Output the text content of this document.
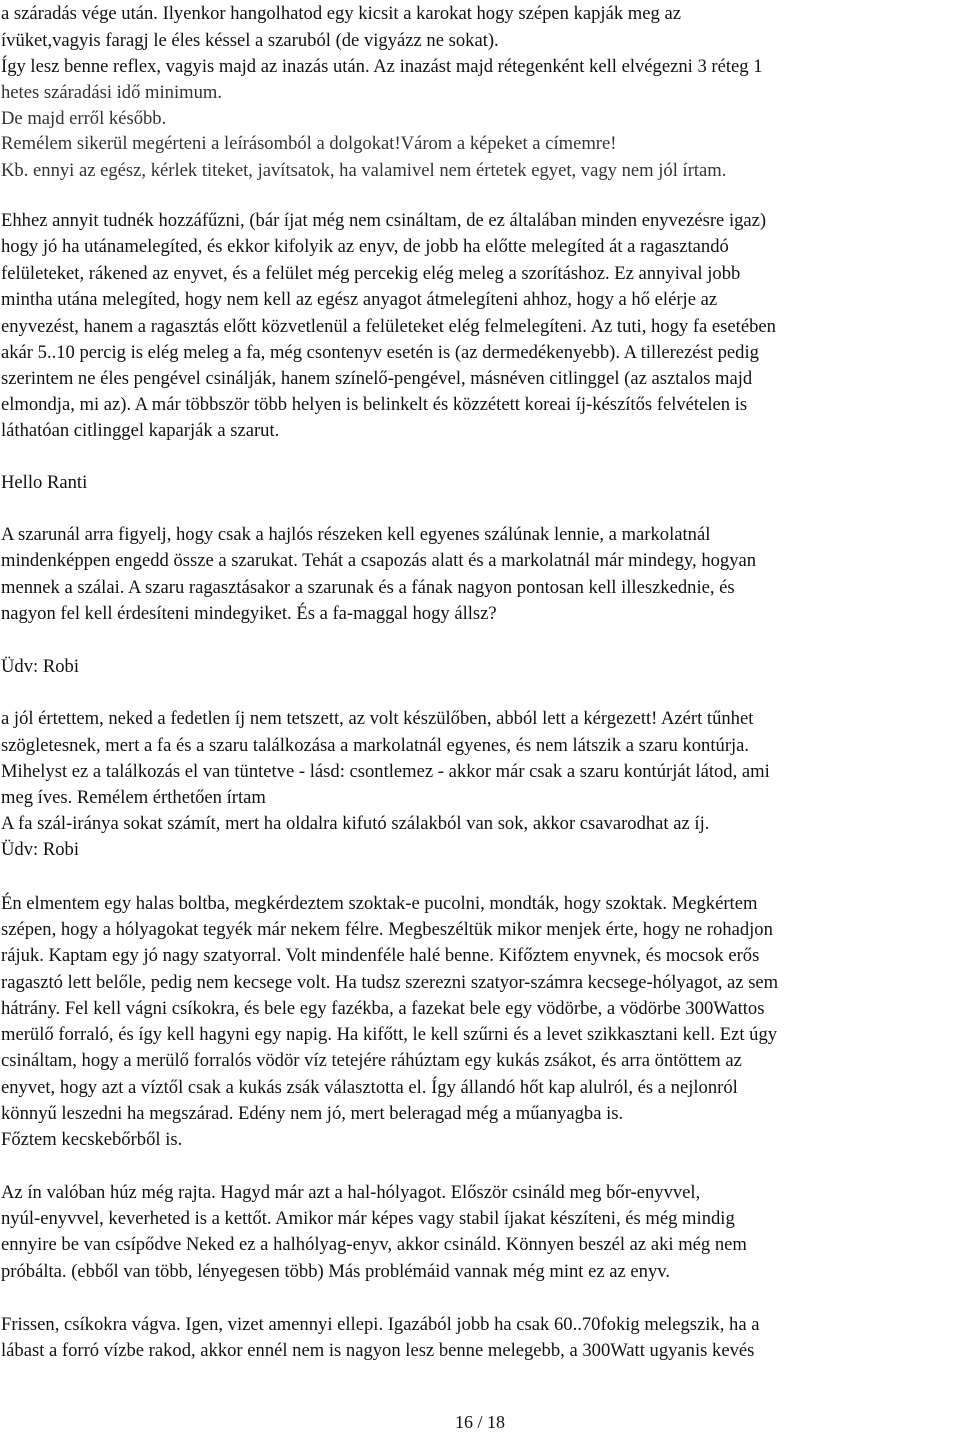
a száradás vége után. Ilyenkor hangolhatod egy kicsit a karokat hogy szépen kapják meg az
ívüket,vagyis faragj le éles késsel a szaruból (de vigyázz ne sokat).
Így lesz benne reflex, vagyis majd az inazás után. Az inazást majd rétegenként kell elvégezni 3 réteg 1
hetes száradási idő minimum.
De majd erről később.
Remélem sikerül megérteni a leírásomból a dolgokat!Várom a képeket a címemre!
Kb. ennyi az egész, kérlek titeket, javítsatok, ha valamivel nem értetek egyet, vagy nem jól írtam.
Ehhez annyit tudnék hozzáfűzni, (bár íjat még nem csináltam, de ez általában minden enyvezésre igaz)
hogy jó ha utánamelegíted, és ekkor kifolyik az enyv, de jobb ha előtte melegíted át a ragasztandó
felületeket, rákened az enyvet, és a felület még percekig elég meleg a szorításhoz. Ez annyival jobb
mintha utána melegíted, hogy nem kell az egész anyagot átmelegíteni ahhoz, hogy a hő elérje az
enyvezést, hanem a ragasztás előtt közvetlenül a felületeket elég felmelegíteni. Az tuti, hogy fa esetében
akár 5..10 percig is elég meleg a fa, még csontenyv esetén is (az dermedékenyebb). A tillerezést pedig
szerintem ne éles pengével csinálják, hanem színelő-pengével, másnéven citlinggel (az asztalos majd
elmondja, mi az). A már többször több helyen is belinkelt és közzétett koreai íj-készítős felvételen is
láthatóan citlinggel kaparják a szarut.
Hello Ranti
A szarunál arra figyelj, hogy csak a hajlós részeken kell egyenes szálúnak lennie, a markolatnál
mindenképpen engedd össze a szarukat. Tehát a csapozás alatt és a markolatnál már mindegy, hogyan
mennek a szálai. A szaru ragasztásakor a szarunak és a fának nagyon pontosan kell illeszkednie, és
nagyon fel kell érdesíteni mindegyiket. És a fa-maggal hogy állsz?
Üdv: Robi
a jól értettem, neked a fedetlen íj nem tetszett, az volt készülőben, abból lett a kérgezett! Azért tűnhet
szögletesnek, mert a fa és a szaru találkozása a markolatnál egyenes, és nem látszik a szaru kontúrja.
Mihelyst ez a találkozás el van tüntetve - lásd: csontlemez - akkor már csak a szaru kontúrját látod, ami
meg íves. Remélem érthetően írtam
A fa szál-iránya sokat számít, mert ha oldalra kifutó szálakból van sok, akkor csavarodhat az íj.
Üdv: Robi
Én elmentem egy halas boltba, megkérdeztem szoktak-e pucolni, mondták, hogy szoktak. Megkértem
szépen, hogy a hólyagokat tegyék már nekem félre. Megbeszéltük mikor menjek érte, hogy ne rohadjon
rájuk. Kaptam egy jó nagy szatyorral. Volt mindenféle halé benne. Kifőztem enyvnek, és mocsok erős
ragasztó lett belőle, pedig nem kecsege volt. Ha tudsz szerezni szatyor-számra kecsege-hólyagot, az sem
hátrány. Fel kell vágni csíkokra, és bele egy fazékba, a fazekat bele egy vödörbe, a vödörbe 300Wattos
merülő forraló, és így kell hagyni egy napig. Ha kifőtt, le kell szűrni és a levet szikkasztani kell. Ezt úgy
csináltam, hogy a merülő forralós vödör víz tetejére ráhúztam egy kukás zsákot, és arra öntöttem az
enyvet, hogy azt a víztől csak a kukás zsák választotta el. Így állandó hőt kap alulról, és a nejlonról
könnyű leszedni ha megszárad. Edény nem jó, mert beleragad még a műanyagba is.
Főztem kecskebőrből is.
Az ín valóban húz még rajta. Hagyd már azt a hal-hólyagot. Először csináld meg bőr-enyvvel,
nyúl-enyvvel, keverheted is a kettőt. Amikor már képes vagy stabil íjakat készíteni, és még mindig
ennyire be van csípődve Neked ez a halhólyag-enyv, akkor csináld. Könnyen beszél az aki még nem
próbálta. (ebből van több, lényegesen több) Más problémáid vannak még mint ez az enyv.
Frissen, csíkokra vágva. Igen, vizet amennyi ellepi. Igazából jobb ha csak 60..70fokig melegszik, ha a
lábast a forró vízbe rakod, akkor ennél nem is nagyon lesz benne melegebb, a 300Watt ugyanis kevés
16 / 18
